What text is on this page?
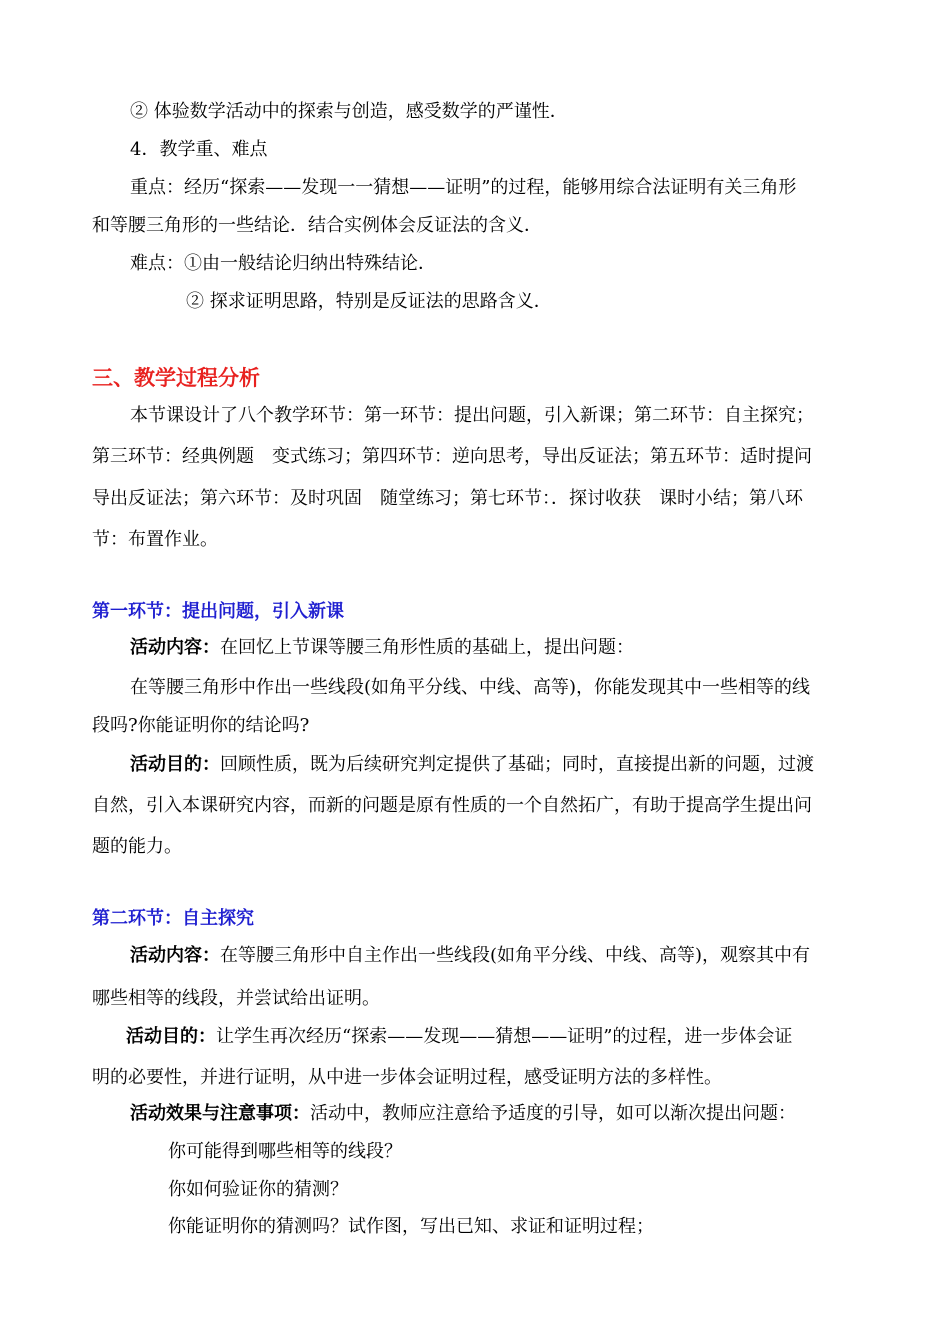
② 体验数学活动中的探索与创造，感受数学的严谨性．
4．教学重、难点
重点：经历“探索——发现一一猜想——证明”的过程，能够用综合法证明有关三角形
和等腰三角形的一些结论．结合实例体会反证法的含义．
难点：①由一般结论归纳出特殊结论．
② 探求证明思路，特别是反证法的思路含义．
三、教学过程分析
本节课设计了八个教学环节：第一环节：提出问题，引入新课；第二环节：自主探究；
第三环节：经典例题　变式练习；第四环节：逆向思考，导出反证法；第五环节：适时提问
导出反证法；第六环节：及时巩固　随堂练习；第七环节：．探讨收获　课时小结；第八环
节：布置作业。
第一环节：提出问题，引入新课
活动内容：在回忆上节课等腰三角形性质的基础上，提出问题：
在等腰三角形中作出一些线段(如角平分线、中线、高等)，你能发现其中一些相等的线
段吗?你能证明你的结论吗?
活动目的：回顾性质，既为后续研究判定提供了基础；同时，直接提出新的问题，过渡
自然，引入本课研究内容，而新的问题是原有性质的一个自然拓广，有助于提高学生提出问
题的能力。
第二环节：自主探究
活动内容：在等腰三角形中自主作出一些线段(如角平分线、中线、高等)，观察其中有
哪些相等的线段，并尝试给出证明。
活动目的：让学生再次经历“探索——发现——猜想——证明”的过程，进一步体会证
明的必要性，并进行证明，从中进一步体会证明过程，感受证明方法的多样性。
活动效果与注意事项：活动中，教师应注意给予适度的引导，如可以渐次提出问题：
你可能得到哪些相等的线段？
你如何验证你的猜测？
你能证明你的猜测吗？试作图，写出已知、求证和证明过程；
